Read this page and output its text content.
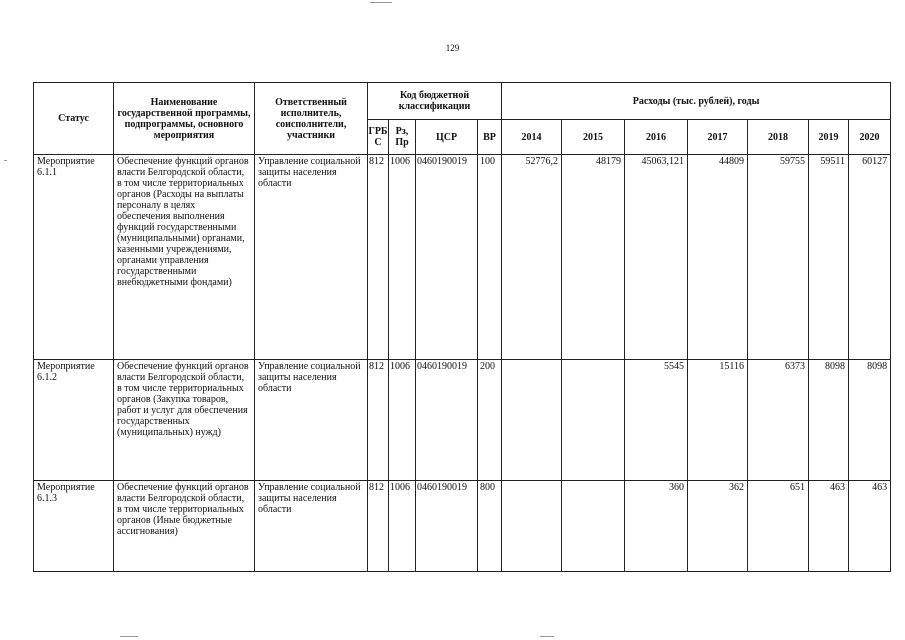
129
Статус	Наименование государственной программы, подпрограммы, основного мероприятия	Ответственный исполнитель, соисполнители, участники	Код бюджетной классификации				Расходы (тыс. рублей), годы						
			ГРБ С	Рз, Пр	ЦСР	ВР	2014	2015	2016	2017	2018	2019	2020
Мероприятие 6.1.1	Обеспечение функций органов власти Белгородской области, в том числе территориальных органов (Расходы на выплаты персоналу в целях обеспечения выполнения функций государственными (муниципальными) органами, казенными учреждениями, органами управления государственными внебюджетными фондами)	Управление социальной защиты населения области	812	1006	0460190019	100	52776,2	48179	45063,121	44809	59755	59511	60127
Мероприятие 6.1.2	Обеспечение функций органов власти Белгородской области, в том числе территориальных органов (Закупка товаров, работ и услуг для обеспечения государственных (муниципальных) нужд)	Управление социальной защиты населения области	812	1006	0460190019	200			5545	15116	6373	8098	8098
Мероприятие 6.1.3	Обеспечение функций органов власти Белгородской области, в том числе территориальных органов (Иные бюджетные ассигнования)	Управление социальной защиты населения области	812	1006	0460190019	800			360	362	651	463	463
